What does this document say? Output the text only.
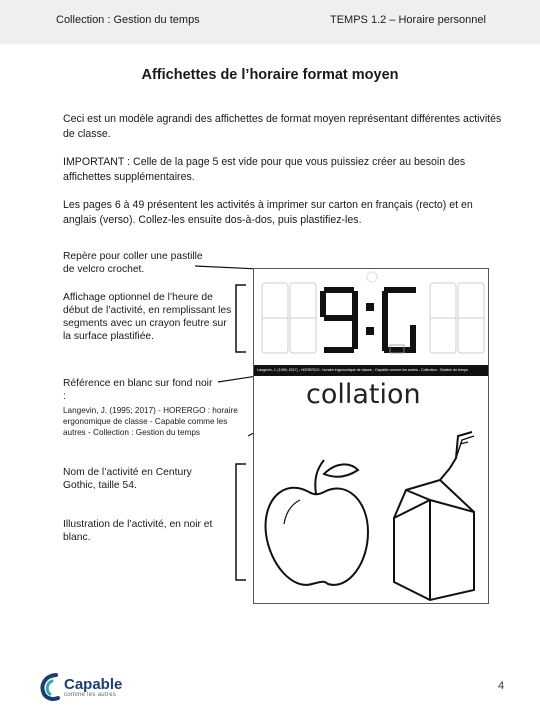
Collection : Gestion du temps	TEMPS 1.2 – Horaire personnel
Affichettes de l’horaire format moyen

Ceci est un modèle agrandi des affichettes de format moyen représentant différentes activités de classe.

IMPORTANT : Celle de la page 5 est vide pour que vous puissiez créer au besoin des affichettes supplémentaires.

Les pages 6 à 49 présentent les activités à imprimer sur carton en français (recto) et en anglais (verso). Collez-les ensuite dos-à-dos, puis plastifiez-les.

Repère pour coller une pastille de velcro crochet.
Affichage optionnel de l’heure de début de l’activité, en remplissant les segments avec un crayon feutre sur la surface plastifiée.
Référence en blanc sur fond noir :
Langevin, J. (1995; 2017) - HORERGO : horaire ergonomique de classe - Capable comme les autres - Collection : Gestion du temps
Nom de l’activité en Century Gothic, taille 54.
Illustration de l’activité, en noir et blanc.
Langevin, J. (1995; 2017) - HORERGO : horaire ergonomique de classe - Capable comme les autres - Collection : Gestion du temps
collation
Capable
comme les autres
4
